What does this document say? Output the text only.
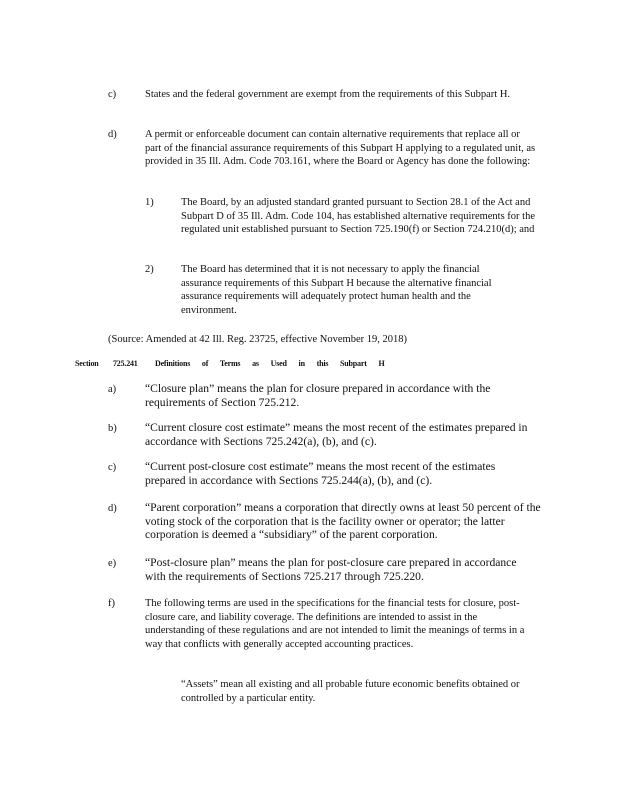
c)	States and the federal government are exempt from the requirements of this Subpart H.
d)	A permit or enforceable document can contain alternative requirements that replace all or part of the financial assurance requirements of this Subpart H applying to a regulated unit, as provided in 35 Ill. Adm. Code 703.161, where the Board or Agency has done the following:
1)	The Board, by an adjusted standard granted pursuant to Section 28.1 of the Act and Subpart D of 35 Ill. Adm. Code 104, has established alternative requirements for the regulated unit established pursuant to Section 725.190(f) or Section 724.210(d); and
2)	The Board has determined that it is not necessary to apply the financial assurance requirements of this Subpart H because the alternative financial assurance requirements will adequately protect human health and the environment.
(Source: Amended at 42 Ill. Reg. 23725, effective November 19, 2018)
Section 725.241 Definitions of Terms as Used in this Subpart H
a) “Closure plan” means the plan for closure prepared in accordance with the requirements of Section 725.212.
b) “Current closure cost estimate” means the most recent of the estimates prepared in accordance with Sections 725.242(a), (b), and (c).
c) “Current post-closure cost estimate” means the most recent of the estimates prepared in accordance with Sections 725.244(a), (b), and (c).
d) “Parent corporation” means a corporation that directly owns at least 50 percent of the voting stock of the corporation that is the facility owner or operator; the latter corporation is deemed a “subsidiary” of the parent corporation.
e) “Post-closure plan” means the plan for post-closure care prepared in accordance with the requirements of Sections 725.217 through 725.220.
f)	The following terms are used in the specifications for the financial tests for closure, post-closure care, and liability coverage. The definitions are intended to assist in the understanding of these regulations and are not intended to limit the meanings of terms in a way that conflicts with generally accepted accounting practices.
“Assets” mean all existing and all probable future economic benefits obtained or controlled by a particular entity.
